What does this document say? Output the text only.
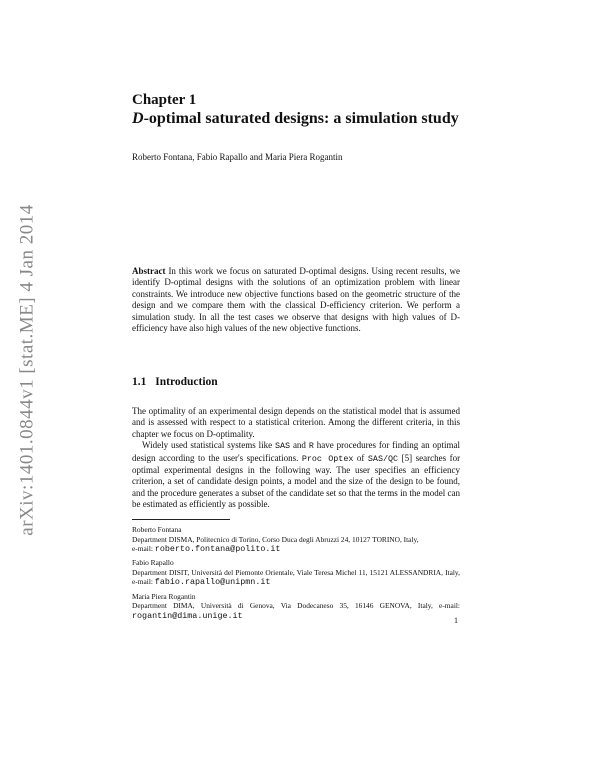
arXiv:1401.0844v1 [stat.ME] 4 Jan 2014
Chapter 1
D-optimal saturated designs: a simulation study
Roberto Fontana, Fabio Rapallo and Maria Piera Rogantin
Abstract In this work we focus on saturated D-optimal designs. Using recent results, we identify D-optimal designs with the solutions of an optimization problem with linear constraints. We introduce new objective functions based on the geometric structure of the design and we compare them with the classical D-efficiency criterion. We perform a simulation study. In all the test cases we observe that designs with high values of D-efficiency have also high values of the new objective functions.
1.1 Introduction

The optimality of an experimental design depends on the statistical model that is assumed and is assessed with respect to a statistical criterion. Among the different criteria, in this chapter we focus on D-optimality.

Widely used statistical systems like SAS and R have procedures for finding an optimal design according to the user's specifications. Proc Optex of SAS/QC [5] searches for optimal experimental designs in the following way. The user specifies an efficiency criterion, a set of candidate design points, a model and the size of the design to be found, and the procedure generates a subset of the candidate set so that the terms in the model can be estimated as efficiently as possible.

Roberto Fontana
Department DISMA, Politecnico di Torino, Corso Duca degli Abruzzi 24, 10127 TORINO, Italy,
e-mail: roberto.fontana@polito.it
Fabio Rapallo
Department DISIT, Università del Piemonte Orientale, Viale Teresa Michel 11, 15121 ALESSANDRIA, Italy, e-mail: fabio.rapallo@unipmn.it
Maria Piera Rogantin
Department DIMA, Università di Genova, Via Dodecaneso 35, 16146 GENOVA, Italy, e-mail: rogantin@dima.unige.it	1
